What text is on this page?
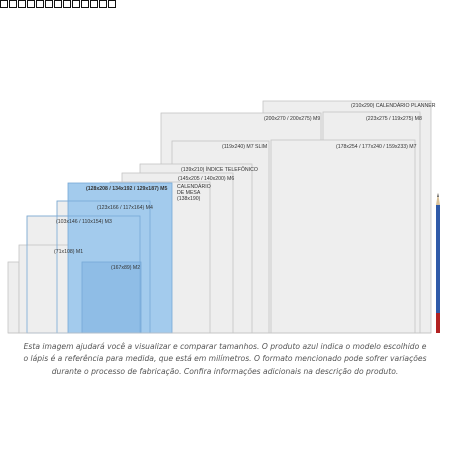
(210x290) CALENDÁRIO PLANNER
(223x275 / 119x275) M8
(200x270 / 200x275) M9
(178x254 / 177x240 / 159x233) M7
(119x240) M7 SLIM
(139x210) ÍNDICE TELEFÔNICO
(145x205 / 140x200) M6
CALENDÁRIO DE MESA (138x190)
(128x208 / 134x192 / 129x187) M5
(123x166 / 117x164) M4
(103x146 / 110x154) M3
(71x108) M1
(167x89) M2
Esta imagem ajudará você a visualizar e comparar tamanhos. O produto azul indica o modelo escolhido e
o lápis é a referência para medida, que está em milímetros. O formato mencionado pode sofrer variações
durante o processo de fabricação. Confira informações adicionais na descrição do produto.
